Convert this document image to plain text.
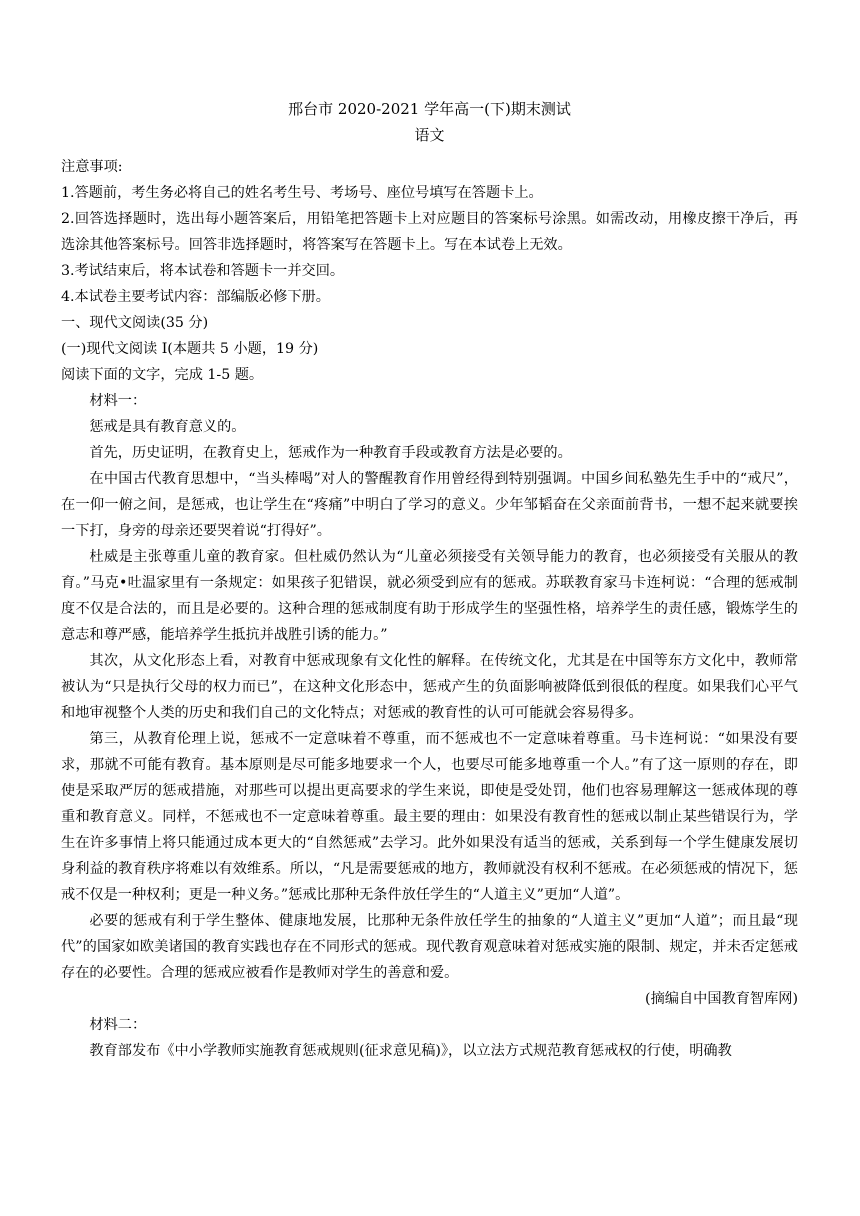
邢台市 2020-2021 学年高一(下)期末测试

语文

注意事项:

1.答题前，考生务必将自己的姓名考生号、考场号、座位号填写在答题卡上。

2.回答选择题时，选出每小题答案后，用铅笔把答题卡上对应题目的答案标号涂黑。如需改动，用橡皮擦干净后，再选涂其他答案标号。回答非选择题时，将答案写在答题卡上。写在本试卷上无效。

3.考试结束后，将本试卷和答题卡一并交回。

4.本试卷主要考试内容：部编版必修下册。

一、现代文阅读(35 分)

(一)现代文阅读 I(本题共 5 小题，19 分)

阅读下面的文字，完成 1-5 题。

材料一：

惩戒是具有教育意义的。

首先，历史证明，在教育史上，惩戒作为一种教育手段或教育方法是必要的。

在中国古代教育思想中，“当头棒喝”对人的警醒教育作用曾经得到特别强调。中国乡间私塾先生手中的“戒尺”，在一仰一俯之间，是惩戒，也让学生在“疼痛”中明白了学习的意义。少年邹韬奋在父亲面前背书，一想不起来就要挨一下打，身旁的母亲还要哭着说“打得好”。

杜威是主张尊重儿童的教育家。但杜威仍然认为“儿童必须接受有关领导能力的教育，也必须接受有关服从的教育。”马克•吐温家里有一条规定：如果孩子犯错误，就必须受到应有的惩戒。苏联教育家马卡连柯说：“合理的惩戒制度不仅是合法的，而且是必要的。这种合理的惩戒制度有助于形成学生的坚强性格，培养学生的责任感，锻炼学生的意志和尊严感，能培养学生抵抗并战胜引诱的能力。”

其次，从文化形态上看，对教育中惩戒现象有文化性的解释。在传统文化，尤其是在中国等东方文化中，教师常被认为“只是执行父母的权力而已”，在这种文化形态中，惩戒产生的负面影响被降低到很低的程度。如果我们心平气和地审视整个人类的历史和我们自己的文化特点；对惩戒的教育性的认可可能就会容易得多。

第三，从教育伦理上说，惩戒不一定意味着不尊重，而不惩戒也不一定意味着尊重。马卡连柯说：“如果没有要求，那就不可能有教育。基本原则是尽可能多地要求一个人，也要尽可能多地尊重一个人。”有了这一原则的存在，即使是采取严厉的惩戒措施，对那些可以提出更高要求的学生来说，即使是受处罚，他们也容易理解这一惩戒体现的尊重和教育意义。同样，不惩戒也不一定意味着尊重。最主要的理由：如果没有教育性的惩戒以制止某些错误行为，学生在许多事情上将只能通过成本更大的“自然惩戒”去学习。此外如果没有适当的惩戒，关系到每一个学生健康发展切身利益的教育秩序将难以有效维系。所以，“凡是需要惩戒的地方，教师就没有权利不惩戒。在必须惩戒的情况下，惩戒不仅是一种权利；更是一种义务。”惩戒比那种无条件放任学生的“人道主义”更加“人道”。

必要的惩戒有利于学生整体、健康地发展，比那种无条件放任学生的抽象的“人道主义”更加“人道”；而且最“现代”的国家如欧美诸国的教育实践也存在不同形式的惩戒。现代教育观意味着对惩戒实施的限制、规定，并未否定惩戒存在的必要性。合理的惩戒应被看作是教师对学生的善意和爱。

(摘编自中国教育智库网)

材料二：

教育部发布《中小学教师实施教育惩戒规则(征求意见稿)》，以立法方式规范教育惩戒权的行使，明确教
